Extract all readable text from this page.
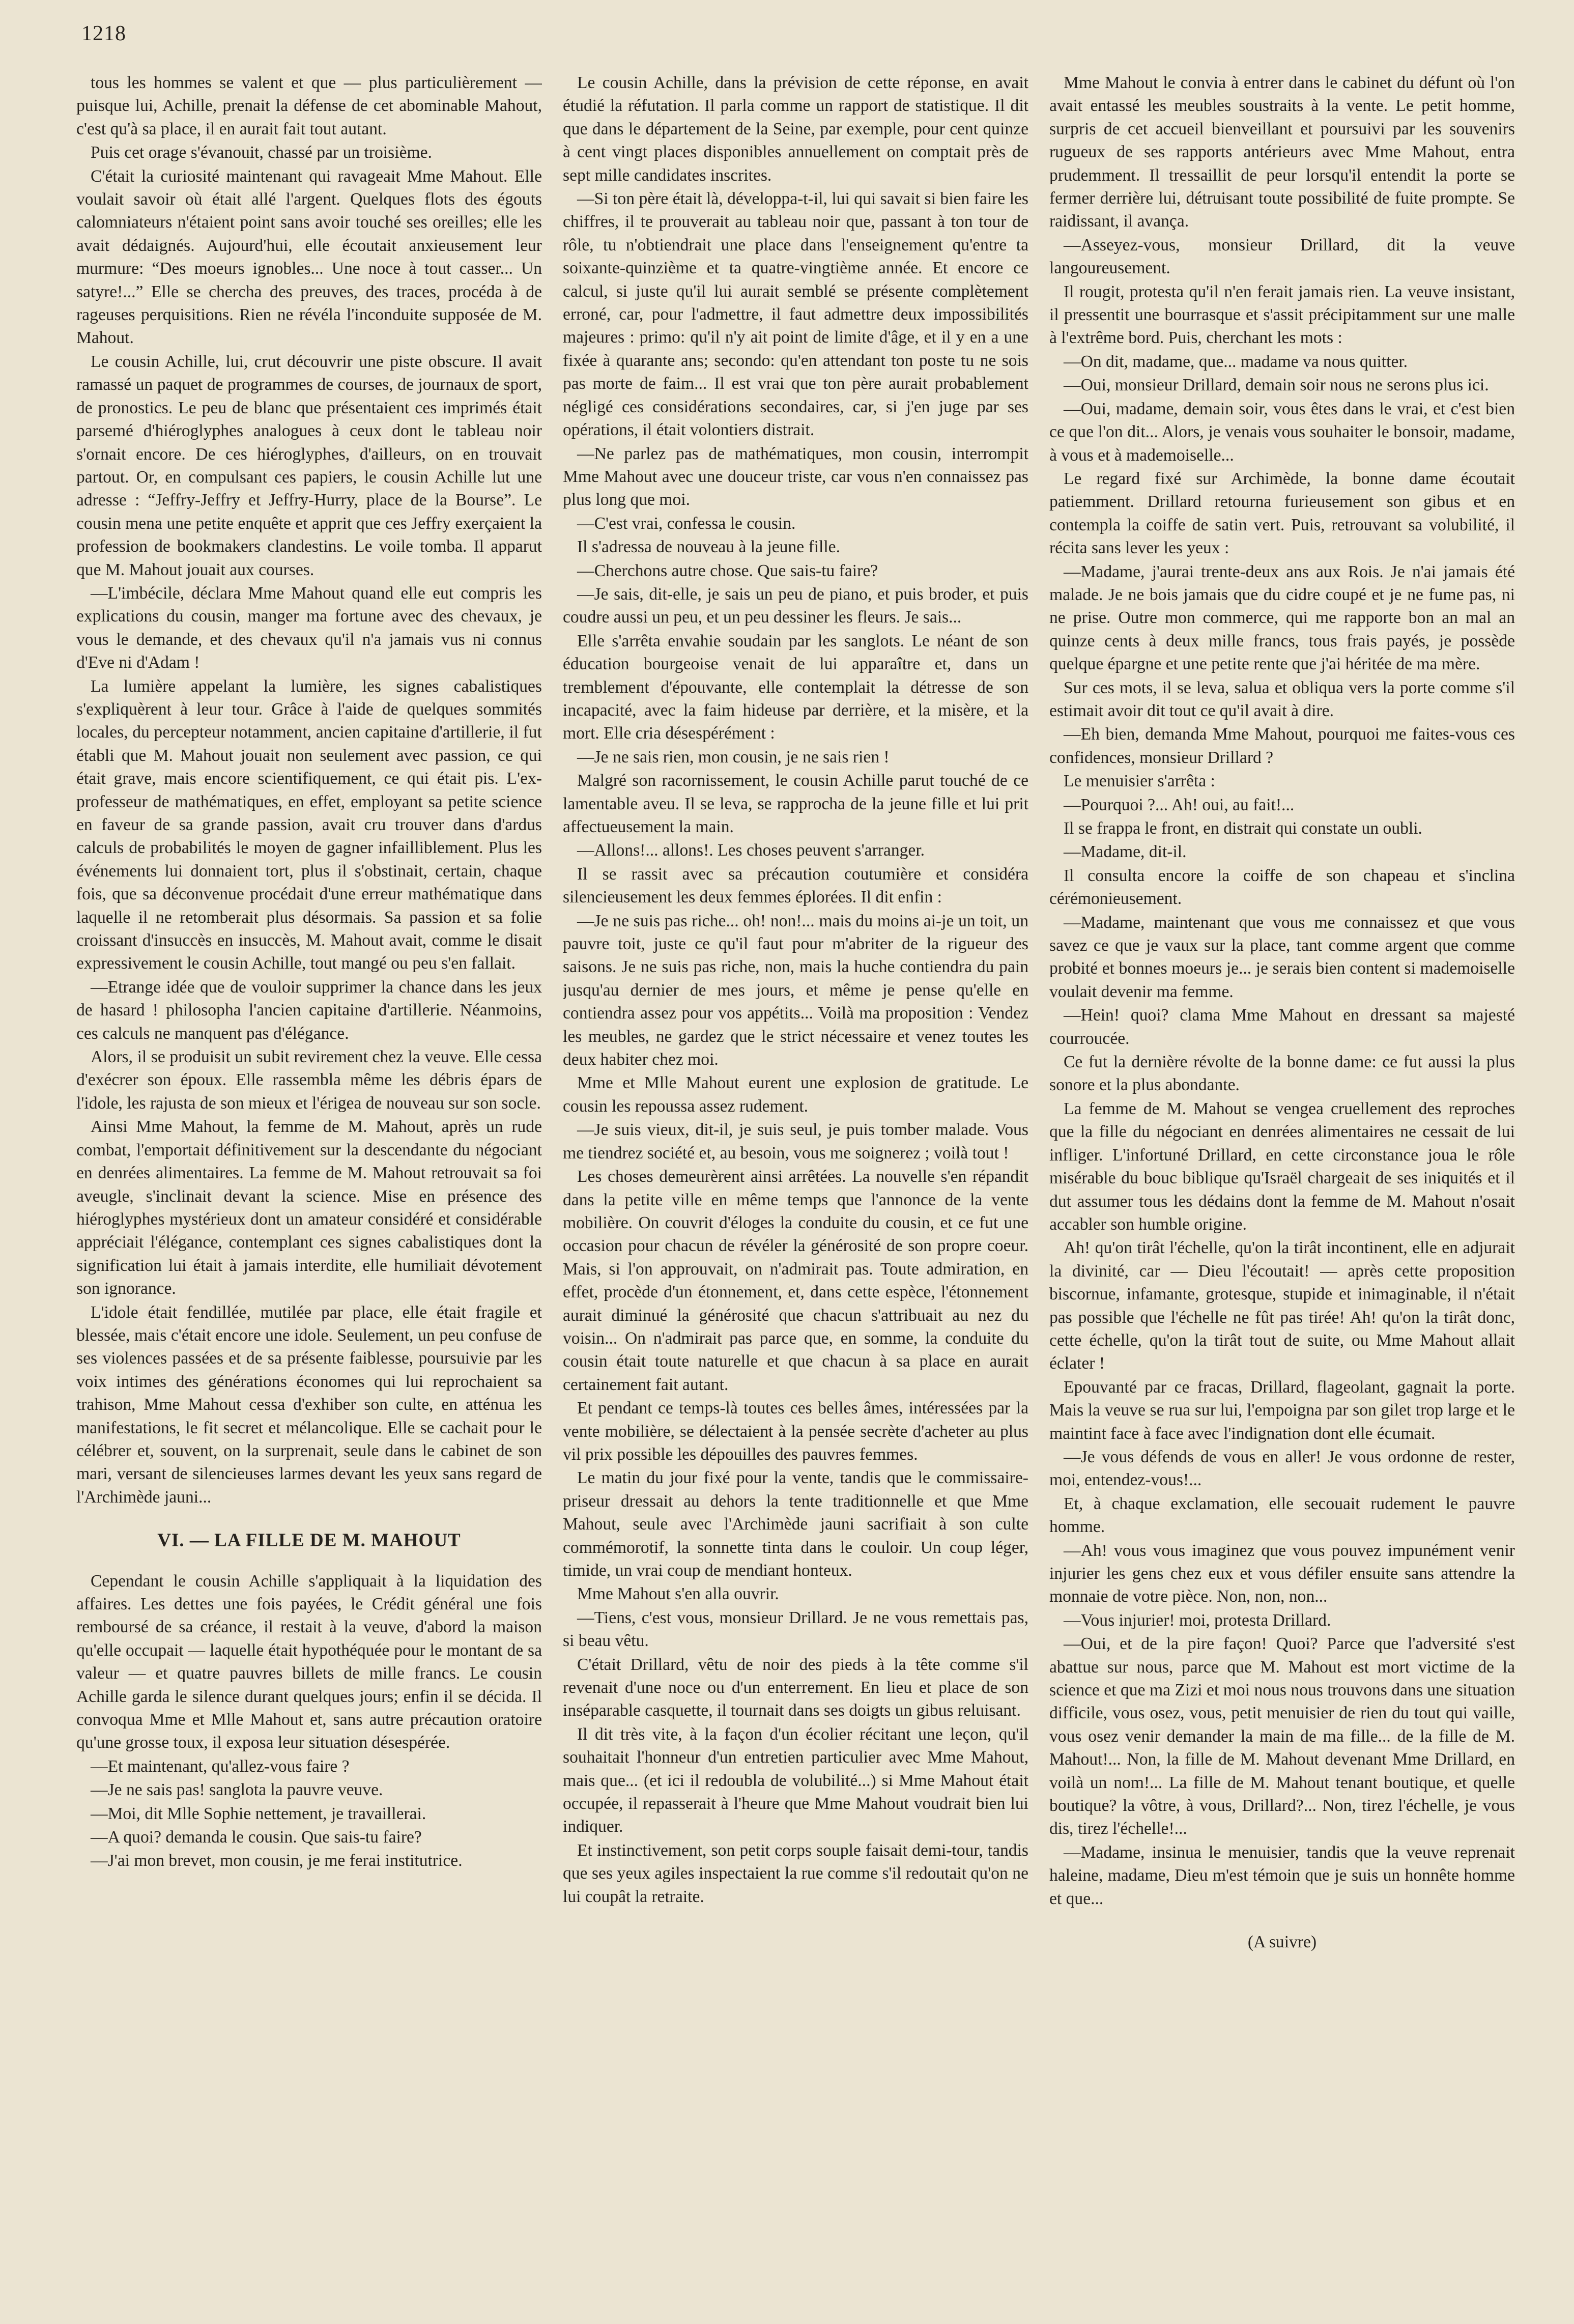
1218

tous les hommes se valent et que — plus particulièrement — puisque lui, Achille, prenait la défense de cet abominable Mahout, c'est qu'à sa place, il en aurait fait tout autant.

Puis cet orage s'évanouit, chassé par un troisième.

C'était la curiosité maintenant qui ravageait Mme Mahout. Elle voulait savoir où était allé l'argent. Quelques flots des égouts calomniateurs n'étaient point sans avoir touché ses oreilles; elle les avait dédaignés. Aujourd'hui, elle écoutait anxieusement leur murmure: “Des moeurs ignobles... Une noce à tout casser... Un satyre!...” Elle se chercha des preuves, des traces, procéda à de rageuses perquisitions. Rien ne révéla l'inconduite supposée de M. Mahout.

Le cousin Achille, lui, crut découvrir une piste obscure. Il avait ramassé un paquet de programmes de courses, de journaux de sport, de pronostics. Le peu de blanc que présentaient ces imprimés était parsemé d'hiéroglyphes analogues à ceux dont le tableau noir s'ornait encore. De ces hiéroglyphes, d'ailleurs, on en trouvait partout. Or, en compulsant ces papiers, le cousin Achille lut une adresse : “Jeffry-Jeffry et Jeffry-Hurry, place de la Bourse”. Le cousin mena une petite enquête et apprit que ces Jeffry exerçaient la profession de bookmakers clandestins. Le voile tomba. Il apparut que M. Mahout jouait aux courses.

—L'imbécile, déclara Mme Mahout quand elle eut compris les explications du cousin, manger ma fortune avec des chevaux, je vous le demande, et des chevaux qu'il n'a jamais vus ni connus d'Eve ni d'Adam !

La lumière appelant la lumière, les signes cabalistiques s'expliquèrent à leur tour. Grâce à l'aide de quelques sommités locales, du percepteur notamment, ancien capitaine d'artillerie, il fut établi que M. Mahout jouait non seulement avec passion, ce qui était grave, mais encore scientifiquement, ce qui était pis. L'ex-professeur de mathématiques, en effet, employant sa petite science en faveur de sa grande passion, avait cru trouver dans d'ardus calculs de probabilités le moyen de gagner infailliblement. Plus les événements lui donnaient tort, plus il s'obstinait, certain, chaque fois, que sa déconvenue procédait d'une erreur mathématique dans laquelle il ne retomberait plus désormais. Sa passion et sa folie croissant d'insuccès en insuccès, M. Mahout avait, comme le disait expressivement le cousin Achille, tout mangé ou peu s'en fallait.

—Etrange idée que de vouloir supprimer la chance dans les jeux de hasard ! philosopha l'ancien capitaine d'artillerie. Néanmoins, ces calculs ne manquent pas d'élégance.

Alors, il se produisit un subit revirement chez la veuve. Elle cessa d'exécrer son époux. Elle rassembla même les débris épars de l'idole, les rajusta de son mieux et l'érigea de nouveau sur son socle.

Ainsi Mme Mahout, la femme de M. Mahout, après un rude combat, l'emportait définitivement sur la descendante du négociant en denrées alimentaires. La femme de M. Mahout retrouvait sa foi aveugle, s'inclinait devant la science. Mise en présence des hiéroglyphes mystérieux dont un amateur considéré et considérable appréciait l'élégance, contemplant ces signes cabalistiques dont la signification lui était à jamais interdite, elle humiliait dévotement son ignorance.

L'idole était fendillée, mutilée par place, elle était fragile et blessée, mais c'était encore une idole. Seulement, un peu confuse de ses violences passées et de sa présente faiblesse, poursuivie par les voix intimes des générations économes qui lui reprochaient sa trahison, Mme Mahout cessa d'exhiber son culte, en atténua les manifestations, le fit secret et mélancolique. Elle se cachait pour le célébrer et, souvent, on la surprenait, seule dans le cabinet de son mari, versant de silencieuses larmes devant les yeux sans regard de l'Archimède jauni...

VI. — LA FILLE DE M. MAHOUT

Cependant le cousin Achille s'appliquait à la liquidation des affaires. Les dettes une fois payées, le Crédit général une fois remboursé de sa créance, il restait à la veuve, d'abord la maison qu'elle occupait — laquelle était hypothéquée pour le montant de sa valeur — et quatre pauvres billets de mille francs. Le cousin Achille garda le silence durant quelques jours; enfin il se décida. Il convoqua Mme et Mlle Mahout et, sans autre précaution oratoire qu'une grosse toux, il exposa leur situation désespérée.

—Et maintenant, qu'allez-vous faire ?

—Je ne sais pas! sanglota la pauvre veuve.

—Moi, dit Mlle Sophie nettement, je travaillerai.

—A quoi? demanda le cousin. Que sais-tu faire?

—J'ai mon brevet, mon cousin, je me ferai institutrice.

Le cousin Achille, dans la prévision de cette réponse, en avait étudié la réfutation. Il parla comme un rapport de statistique. Il dit que dans le département de la Seine, par exemple, pour cent quinze à cent vingt places disponibles annuellement on comptait près de sept mille candidates inscrites.

—Si ton père était là, développa-t-il, lui qui savait si bien faire les chiffres, il te prouverait au tableau noir que, passant à ton tour de rôle, tu n'obtiendrait une place dans l'enseignement qu'entre ta soixante-quinzième et ta quatre-vingtième année. Et encore ce calcul, si juste qu'il lui aurait semblé se présente complètement erroné, car, pour l'admettre, il faut admettre deux impossibilités majeures : primo: qu'il n'y ait point de limite d'âge, et il y en a une fixée à quarante ans; secondo: qu'en attendant ton poste tu ne sois pas morte de faim... Il est vrai que ton père aurait probablement négligé ces considérations secondaires, car, si j'en juge par ses opérations, il était volontiers distrait.

—Ne parlez pas de mathématiques, mon cousin, interrompit Mme Mahout avec une douceur triste, car vous n'en connaissez pas plus long que moi.

—C'est vrai, confessa le cousin.

Il s'adressa de nouveau à la jeune fille.

—Cherchons autre chose. Que sais-tu faire?

—Je sais, dit-elle, je sais un peu de piano, et puis broder, et puis coudre aussi un peu, et un peu dessiner les fleurs. Je sais...

Elle s'arrêta envahie soudain par les sanglots. Le néant de son éducation bourgeoise venait de lui apparaître et, dans un tremblement d'épouvante, elle contemplait la détresse de son incapacité, avec la faim hideuse par derrière, et la misère, et la mort. Elle cria désespérément :

—Je ne sais rien, mon cousin, je ne sais rien !

Malgré son racornissement, le cousin Achille parut touché de ce lamentable aveu. Il se leva, se rapprocha de la jeune fille et lui prit affectueusement la main.

—Allons!... allons!. Les choses peuvent s'arranger.

Il se rassit avec sa précaution coutumière et considéra silencieusement les deux femmes éplorées. Il dit enfin :

—Je ne suis pas riche... oh! non!... mais du moins ai-je un toit, un pauvre toit, juste ce qu'il faut pour m'abriter de la rigueur des saisons. Je ne suis pas riche, non, mais la huche contiendra du pain jusqu'au dernier de mes jours, et même je pense qu'elle en contiendra assez pour vos appétits... Voilà ma proposition : Vendez les meubles, ne gardez que le strict nécessaire et venez toutes les deux habiter chez moi.

Mme et Mlle Mahout eurent une explosion de gratitude. Le cousin les repoussa assez rudement.

—Je suis vieux, dit-il, je suis seul, je puis tomber malade. Vous me tiendrez société et, au besoin, vous me soignerez ; voilà tout !

Les choses demeurèrent ainsi arrêtées. La nouvelle s'en répandit dans la petite ville en même temps que l'annonce de la vente mobilière. On couvrit d'éloges la conduite du cousin, et ce fut une occasion pour chacun de révéler la générosité de son propre coeur. Mais, si l'on approuvait, on n'admirait pas. Toute admiration, en effet, procède d'un étonnement, et, dans cette espèce, l'étonnement aurait diminué la générosité que chacun s'attribuait au nez du voisin... On n'admirait pas parce que, en somme, la conduite du cousin était toute naturelle et que chacun à sa place en aurait certainement fait autant.

Et pendant ce temps-là toutes ces belles âmes, intéressées par la vente mobilière, se délectaient à la pensée secrète d'acheter au plus vil prix possible les dépouilles des pauvres femmes.

Le matin du jour fixé pour la vente, tandis que le commissaire-priseur dressait au dehors la tente traditionnelle et que Mme Mahout, seule avec l'Archimède jauni sacrifiait à son culte commémorotif, la sonnette tinta dans le couloir. Un coup léger, timide, un vrai coup de mendiant honteux.

Mme Mahout s'en alla ouvrir.

—Tiens, c'est vous, monsieur Drillard. Je ne vous remettais pas, si beau vêtu.

C'était Drillard, vêtu de noir des pieds à la tête comme s'il revenait d'une noce ou d'un enterrement. En lieu et place de son inséparable casquette, il tournait dans ses doigts un gibus reluisant.

Il dit très vite, à la façon d'un écolier récitant une leçon, qu'il souhaitait l'honneur d'un entretien particulier avec Mme Mahout, mais que... (et ici il redoubla de volubilité...) si Mme Mahout était occupée, il repasserait à l'heure que Mme Mahout voudrait bien lui indiquer.

Et instinctivement, son petit corps souple faisait demi-tour, tandis que ses yeux agiles inspectaient la rue comme s'il redoutait qu'on ne lui coupât la retraite.

Mme Mahout le convia à entrer dans le cabinet du défunt où l'on avait entassé les meubles soustraits à la vente. Le petit homme, surpris de cet accueil bienveillant et poursuivi par les souvenirs rugueux de ses rapports antérieurs avec Mme Mahout, entra prudemment. Il tressaillit de peur lorsqu'il entendit la porte se fermer derrière lui, détruisant toute possibilité de fuite prompte. Se raidissant, il avança.

—Asseyez-vous, monsieur Drillard, dit la veuve langoureusement.

Il rougit, protesta qu'il n'en ferait jamais rien. La veuve insistant, il pressentit une bourrasque et s'assit précipitamment sur une malle à l'extrême bord. Puis, cherchant les mots :

—On dit, madame, que... madame va nous quitter.

—Oui, monsieur Drillard, demain soir nous ne serons plus ici.

—Oui, madame, demain soir, vous êtes dans le vrai, et c'est bien ce que l'on dit... Alors, je venais vous souhaiter le bonsoir, madame, à vous et à mademoiselle...

Le regard fixé sur Archimède, la bonne dame écoutait patiemment. Drillard retourna furieusement son gibus et en contempla la coiffe de satin vert. Puis, retrouvant sa volubilité, il récita sans lever les yeux :

—Madame, j'aurai trente-deux ans aux Rois. Je n'ai jamais été malade. Je ne bois jamais que du cidre coupé et je ne fume pas, ni ne prise. Outre mon commerce, qui me rapporte bon an mal an quinze cents à deux mille francs, tous frais payés, je possède quelque épargne et une petite rente que j'ai héritée de ma mère.

Sur ces mots, il se leva, salua et obliqua vers la porte comme s'il estimait avoir dit tout ce qu'il avait à dire.

—Eh bien, demanda Mme Mahout, pourquoi me faites-vous ces confidences, monsieur Drillard ?

Le menuisier s'arrêta :

—Pourquoi ?... Ah! oui, au fait!...

Il se frappa le front, en distrait qui constate un oubli.

—Madame, dit-il.

Il consulta encore la coiffe de son chapeau et s'inclina cérémonieusement.

—Madame, maintenant que vous me connaissez et que vous savez ce que je vaux sur la place, tant comme argent que comme probité et bonnes moeurs je... je serais bien content si mademoiselle voulait devenir ma femme.

—Hein! quoi? clama Mme Mahout en dressant sa majesté courroucée.

Ce fut la dernière révolte de la bonne dame: ce fut aussi la plus sonore et la plus abondante.

La femme de M. Mahout se vengea cruellement des reproches que la fille du négociant en denrées alimentaires ne cessait de lui infliger. L'infortuné Drillard, en cette circonstance joua le rôle misérable du bouc biblique qu'Israël chargeait de ses iniquités et il dut assumer tous les dédains dont la femme de M. Mahout n'osait accabler son humble origine.

Ah! qu'on tirât l'échelle, qu'on la tirât incontinent, elle en adjurait la divinité, car — Dieu l'écoutait! — après cette proposition biscornue, infamante, grotesque, stupide et inimaginable, il n'était pas possible que l'échelle ne fût pas tirée! Ah! qu'on la tirât donc, cette échelle, qu'on la tirât tout de suite, ou Mme Mahout allait éclater !

Epouvanté par ce fracas, Drillard, flageolant, gagnait la porte. Mais la veuve se rua sur lui, l'empoigna par son gilet trop large et le maintint face à face avec l'indignation dont elle écumait.

—Je vous défends de vous en aller! Je vous ordonne de rester, moi, entendez-vous!...

Et, à chaque exclamation, elle secouait rudement le pauvre homme.

—Ah! vous vous imaginez que vous pouvez impunément venir injurier les gens chez eux et vous défiler ensuite sans attendre la monnaie de votre pièce. Non, non, non...

—Vous injurier! moi, protesta Drillard.

—Oui, et de la pire façon! Quoi? Parce que l'adversité s'est abattue sur nous, parce que M. Mahout est mort victime de la science et que ma Zizi et moi nous nous trouvons dans une situation difficile, vous osez, vous, petit menuisier de rien du tout qui vaille, vous osez venir demander la main de ma fille... de la fille de M. Mahout!... Non, la fille de M. Mahout devenant Mme Drillard, en voilà un nom!... La fille de M. Mahout tenant boutique, et quelle boutique? la vôtre, à vous, Drillard?... Non, tirez l'échelle, je vous dis, tirez l'échelle!...

—Madame, insinua le menuisier, tandis que la veuve reprenait haleine, madame, Dieu m'est témoin que je suis un honnête homme et que...

(A suivre)
